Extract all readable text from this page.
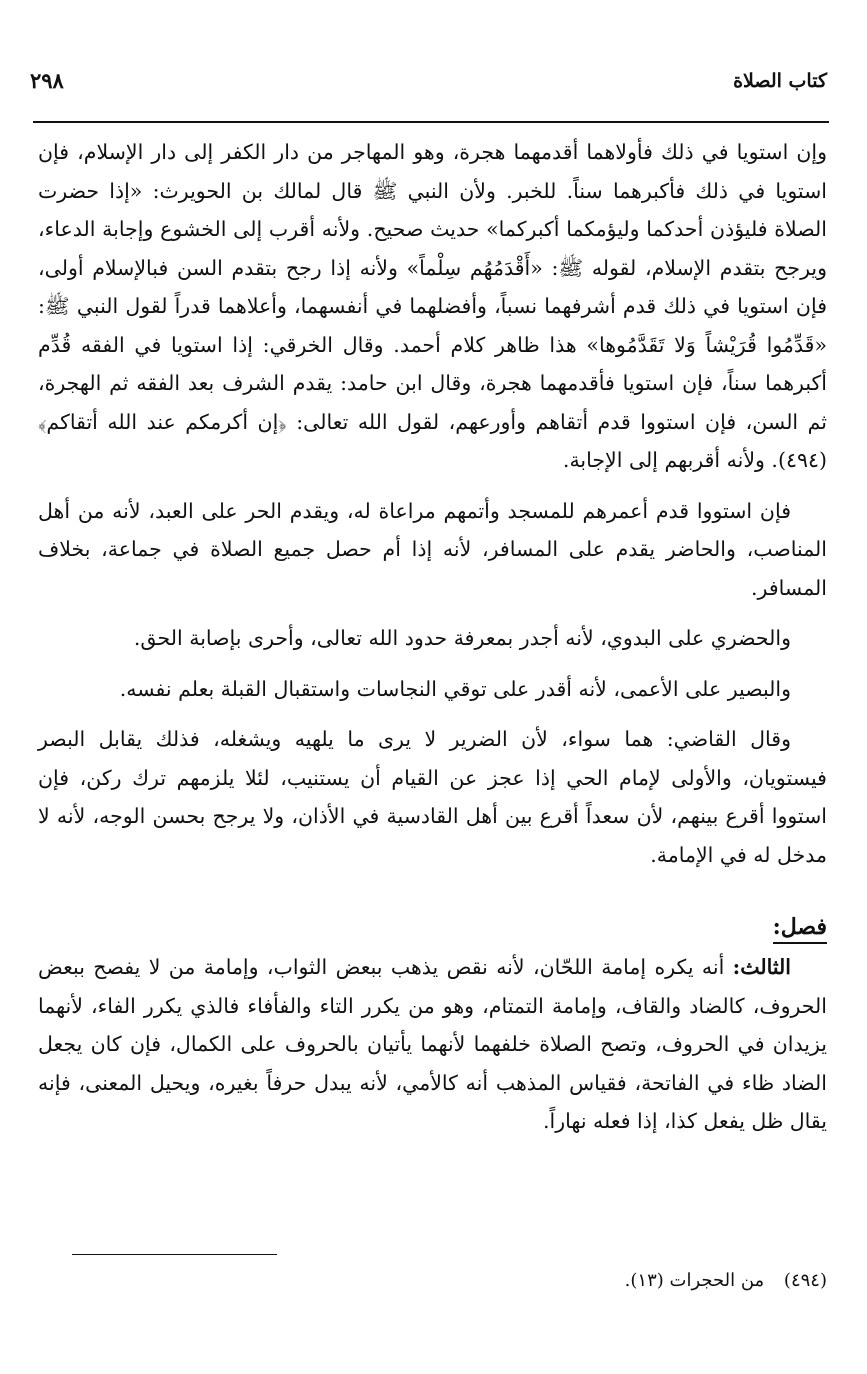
كتاب الصلاة
٢٩٨

وإن استويا في ذلك فأولاهما أقدمهما هجرة، وهو المهاجر من دار الكفر إلى دار الإسلام، فإن استويا في ذلك فأكبرهما سناً. للخبر. ولأن النبي ﷺ قال لمالك بن الحويرث: «إذا حضرت الصلاة فليؤذن أحدكما وليؤمكما أكبركما» حديث صحيح. ولأنه أقرب إلى الخشوع وإجابة الدعاء، ويرجح بتقدم الإسلام، لقوله ﷺ: «أَقْدَمُهُم سِلْماً» ولأنه إذا رجح بتقدم السن فبالإسلام أولى، فإن استويا في ذلك قدم أشرفهما نسباً، وأفضلهما في أنفسهما، وأعلاهما قدراً لقول النبي ﷺ: «قَدِّمُوا قُرَيْشاً وَلا تَقَدَّمُوها» هذا ظاهر كلام أحمد. وقال الخرقي: إذا استويا في الفقه قُدِّم أكبرهما سناً، فإن استويا فأقدمهما هجرة، وقال ابن حامد: يقدم الشرف بعد الفقه ثم الهجرة، ثم السن، فإن استووا قدم أتقاهم وأورعهم، لقول الله تعالى: ﴿إن أكرمكم عند الله أتقاكم﴾(٤٩٤). ولأنه أقربهم إلى الإجابة.

فإن استووا قدم أعمرهم للمسجد وأتمهم مراعاة له، ويقدم الحر على العبد، لأنه من أهل المناصب، والحاضر يقدم على المسافر، لأنه إذا أم حصل جميع الصلاة في جماعة، بخلاف المسافر.

والحضري على البدوي، لأنه أجدر بمعرفة حدود الله تعالى، وأحرى بإصابة الحق.

والبصير على الأعمى، لأنه أقدر على توقي النجاسات واستقبال القبلة بعلم نفسه.

وقال القاضي: هما سواء، لأن الضرير لا يرى ما يلهيه ويشغله، فذلك يقابل البصر فيستويان، والأولى لإمام الحي إذا عجز عن القيام أن يستنيب، لئلا يلزمهم ترك ركن، فإن استووا أقرع بينهم، لأن سعداً أقرع بين أهل القادسية في الأذان، ولا يرجح بحسن الوجه، لأنه لا مدخل له في الإمامة.

فصل:

الثالث: أنه يكره إمامة اللحّان، لأنه نقص يذهب ببعض الثواب، وإمامة من لا يفصح ببعض الحروف، كالضاد والقاف، وإمامة التمتام، وهو من يكرر التاء والفأفاء فالذي يكرر الفاء، لأنهما يزيدان في الحروف، وتصح الصلاة خلفهما لأنهما يأتيان بالحروف على الكمال، فإن كان يجعل الضاد ظاء في الفاتحة، فقياس المذهب أنه كالأمي، لأنه يبدل حرفاً بغيره، ويحيل المعنى، فإنه يقال ظل يفعل كذا، إذا فعله نهاراً.

(٤٩٤) من الحجرات (١٣).
